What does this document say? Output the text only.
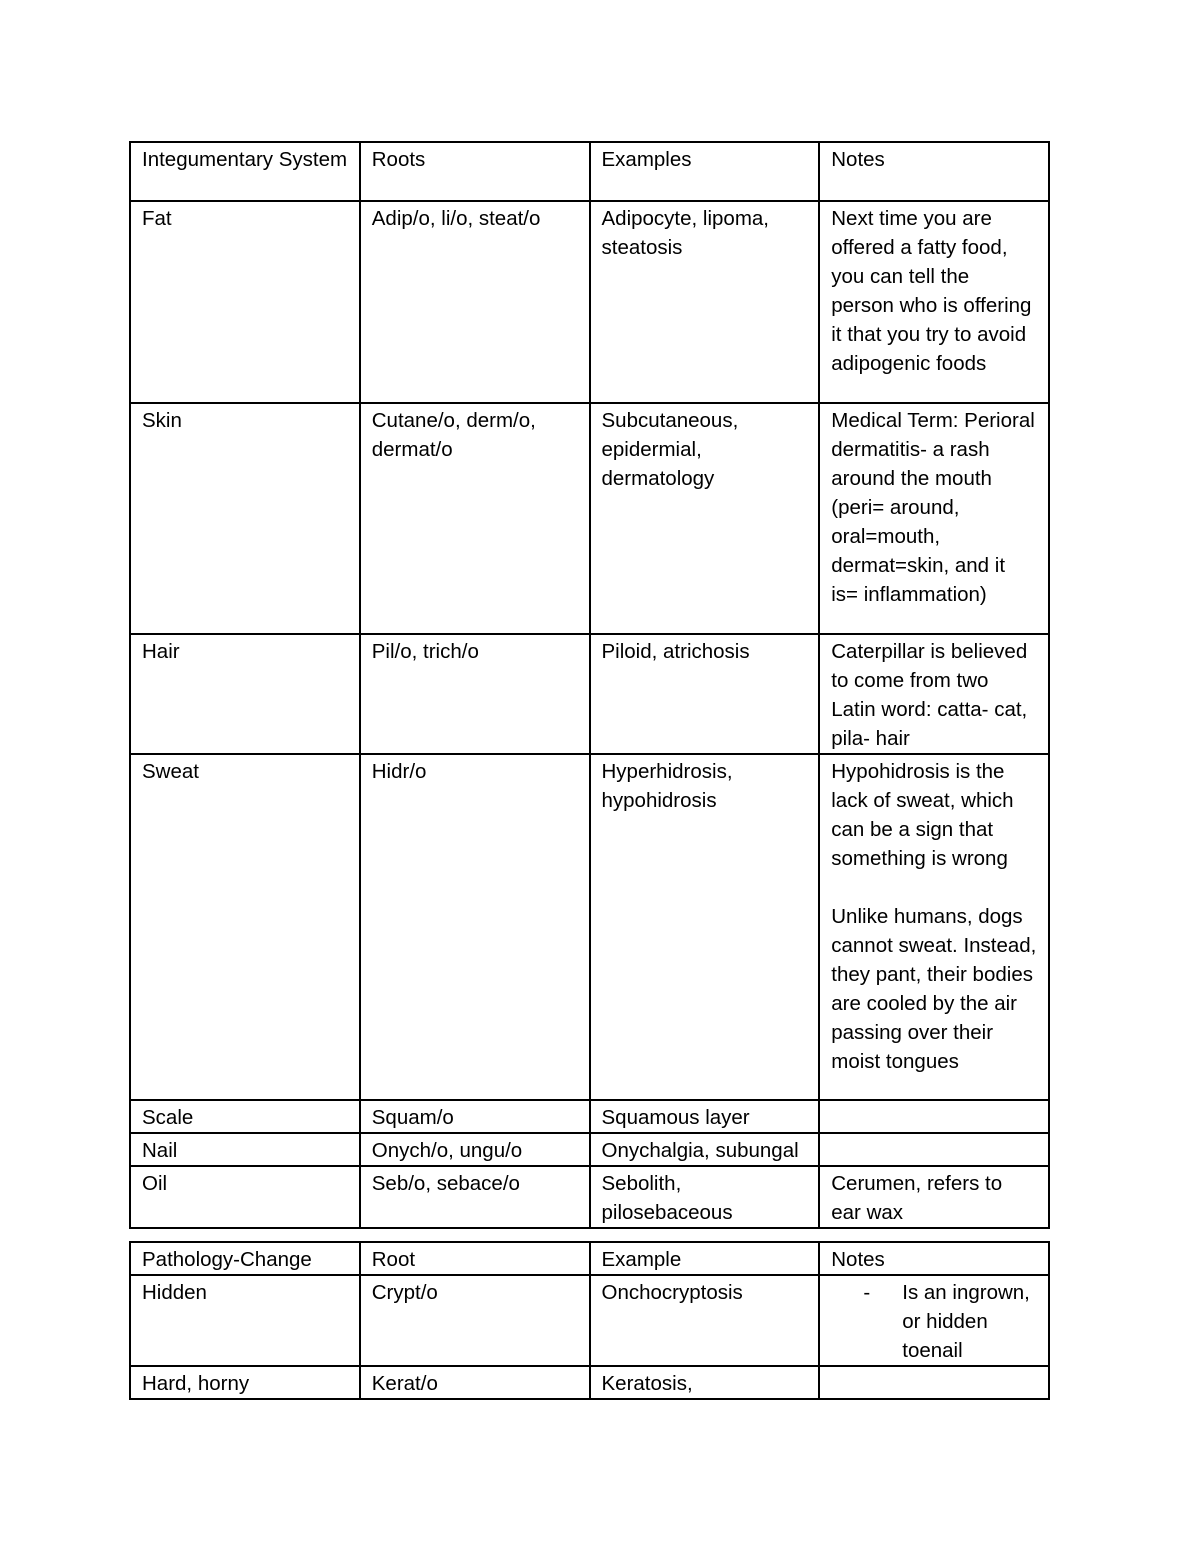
Integumentary System	Roots	Examples	Notes
Fat	Adip/o, li/o, steat/o	Adipocyte, lipoma, steatosis	Next time you are offered a fatty food, you can tell the person who is offering it that you try to avoid adipogenic foods

Skin	Cutane/o, derm/o, dermat/o	Subcutaneous, epidermial, dermatology	Medical Term: Perioral dermatitis- a rash around the mouth
(peri= around, oral=mouth, dermat=skin, and it is= inflammation)

Hair	Pil/o, trich/o	Piloid, atrichosis	Caterpillar is believed to come from two Latin word: catta- cat, pila- hair

Sweat	Hidr/o	Hyperhidrosis, hypohidrosis	Hypohidrosis is the lack of sweat, which can be a sign that something is wrong
Unlike humans, dogs cannot sweat. Instead, they pant, their bodies are cooled by the air passing over their moist tongues

Scale	Squam/o	Squamous layer	
Nail	Onych/o, ungu/o	Onychalgia, subungal	
Oil	Seb/o, sebace/o	Sebolith, pilosebaceous	Cerumen, refers to ear wax
Pathology-Change	Root	Example	Notes
Hidden	Crypt/o	Onchocryptosis	- Is an ingrown, or hidden toenail

Hard, horny	Kerat/o	Keratosis,	
